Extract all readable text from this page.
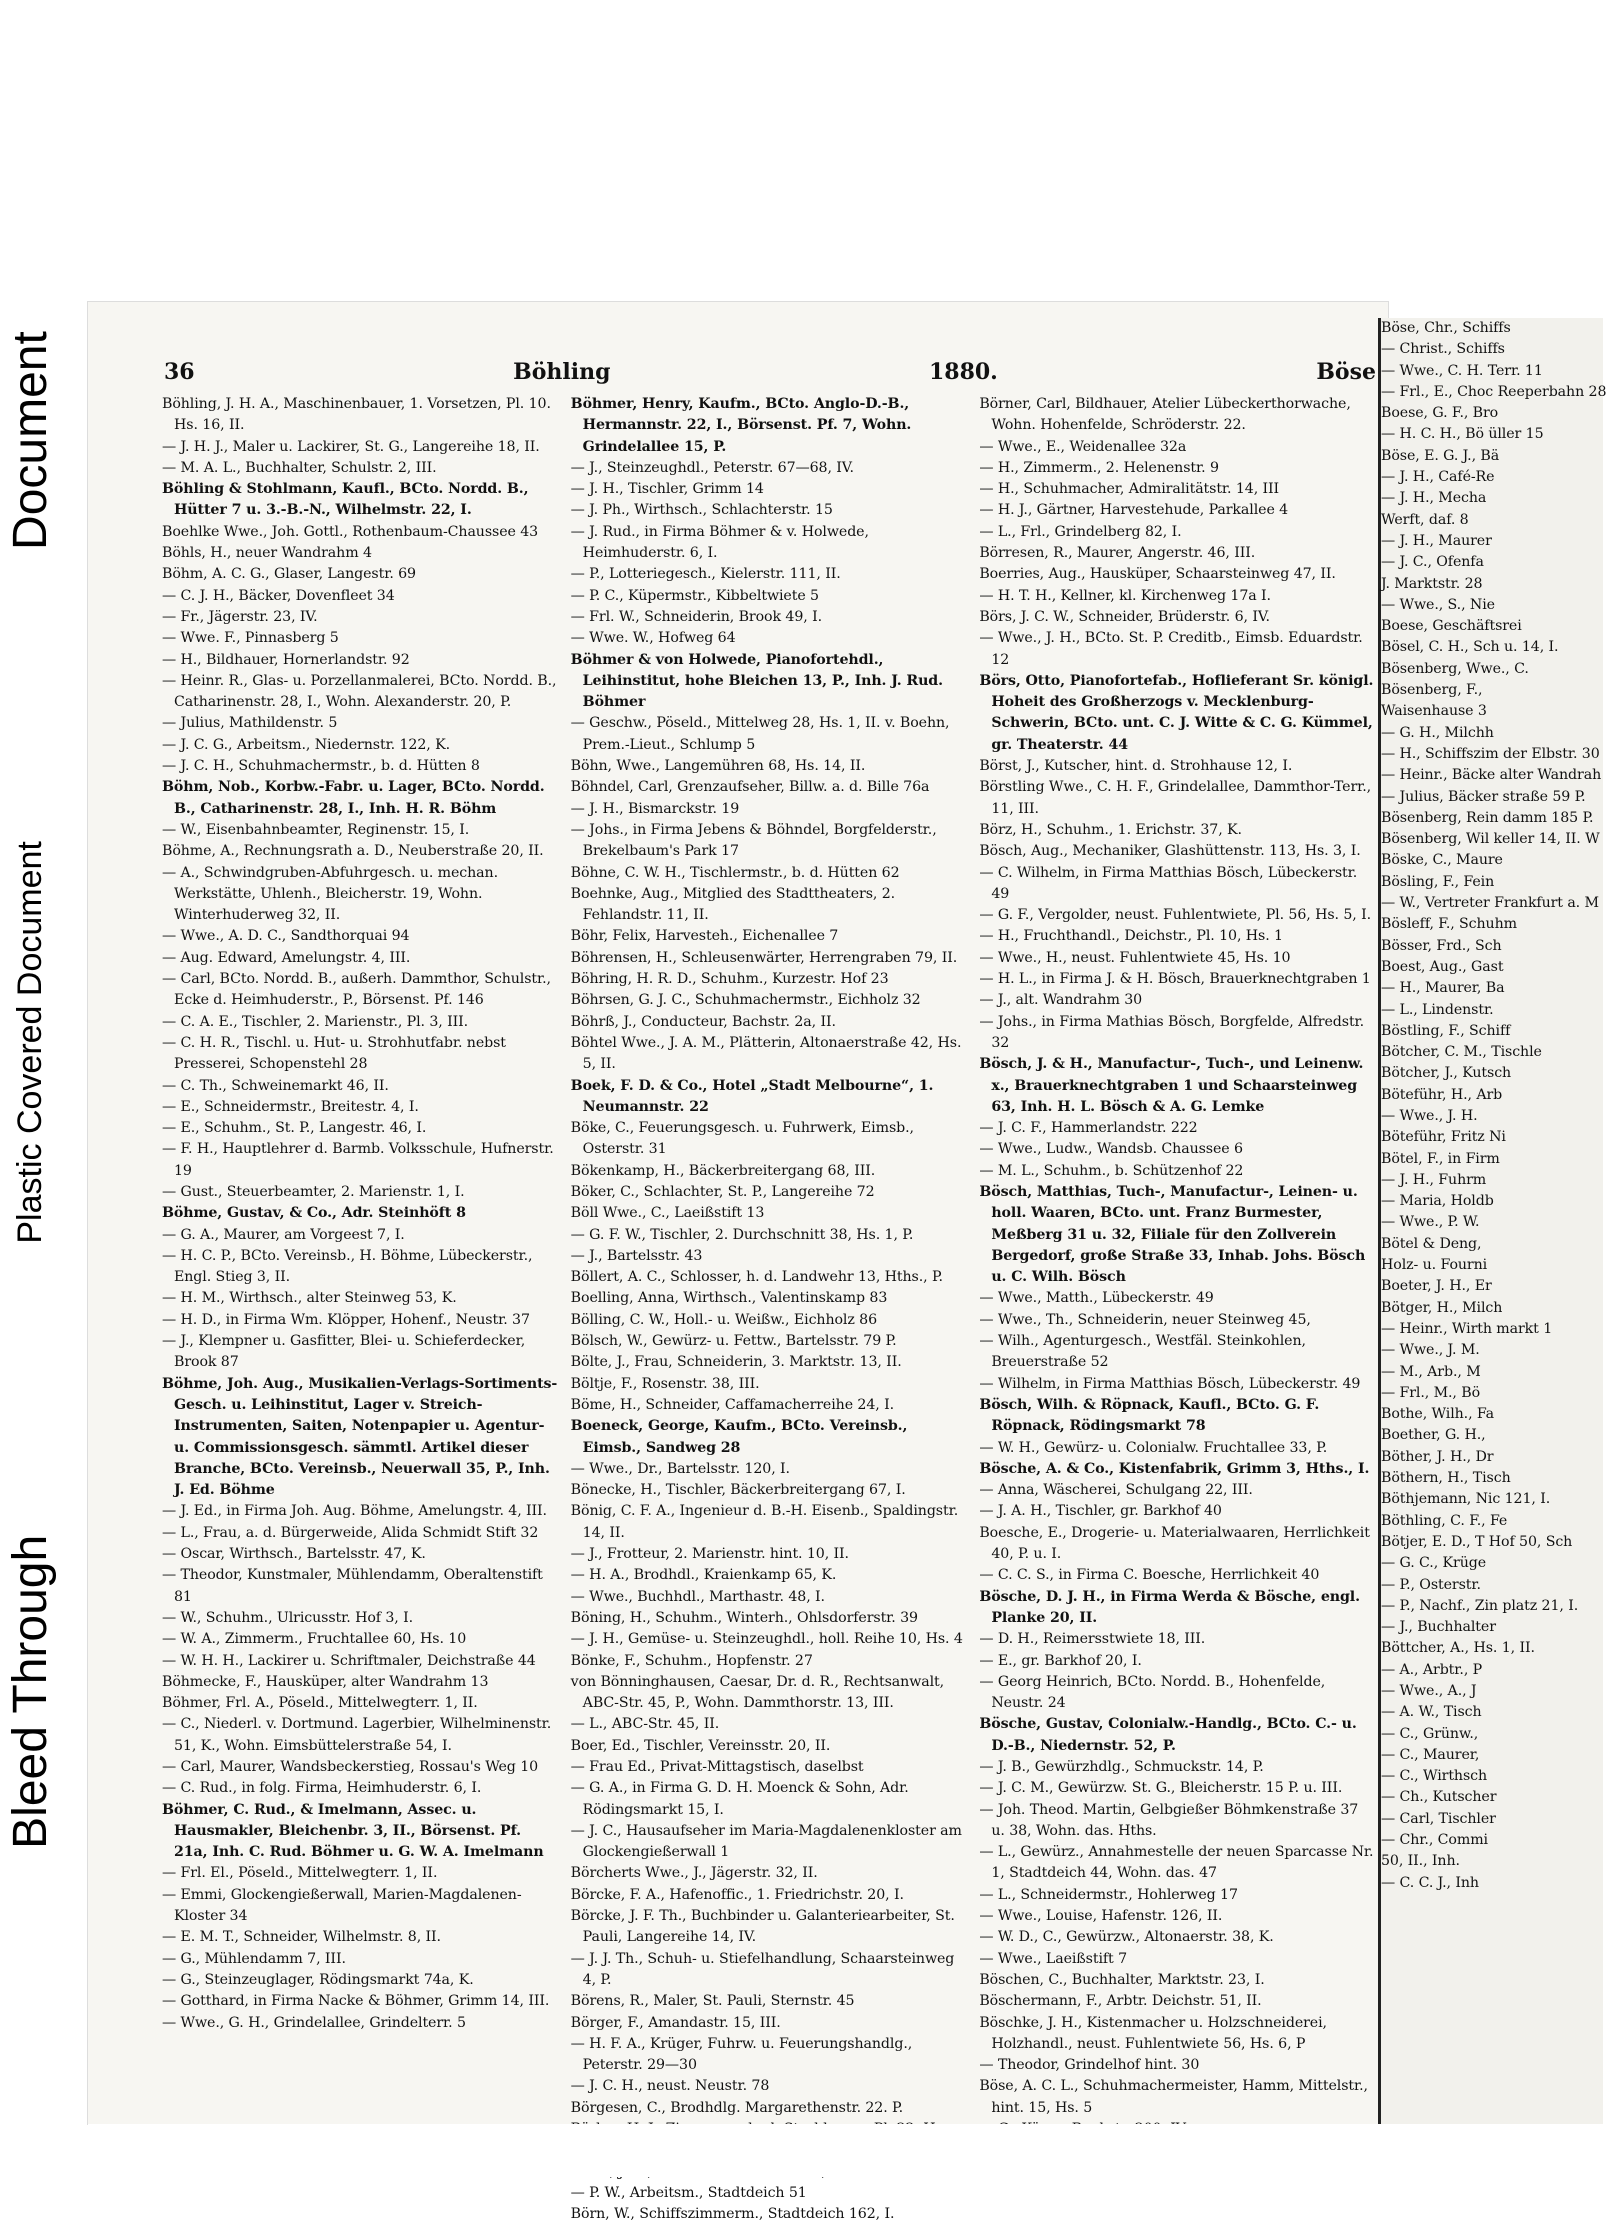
Bleed Through
Plastic Covered Document
Document	36	Böhling	1880.	Böse

Böhling, J. H. A., Maschinenbauer, 1. Vorsetzen, Pl. 10. Hs. 16, II.

— J. H. J., Maler u. Lackirer, St. G., Langereihe 18, II.

— M. A. L., Buchhalter, Schulstr. 2, III.

Böhling & Stohlmann, Kaufl., BCto. Nordd. B., Hütter 7 u. 3.-B.-N., Wilhelmstr. 22, I.

Boehlke Wwe., Joh. Gottl., Rothenbaum-Chaussee 43

Böhls, H., neuer Wandrahm 4

Böhm, A. C. G., Glaser, Langestr. 69

— C. J. H., Bäcker, Dovenfleet 34

— Fr., Jägerstr. 23, IV.

— Wwe. F., Pinnasberg 5

— H., Bildhauer, Hornerlandstr. 92

— Heinr. R., Glas- u. Porzellanmalerei, BCto. Nordd. B., Catharinenstr. 28, I., Wohn. Alexanderstr. 20, P.

— Julius, Mathildenstr. 5

— J. C. G., Arbeitsm., Niedernstr. 122, K.

— J. C. H., Schuhmachermstr., b. d. Hütten 8

Böhm, Nob., Korbw.-Fabr. u. Lager, BCto. Nordd. B., Catharinenstr. 28, I., Inh. H. R. Böhm

— W., Eisenbahnbeamter, Reginenstr. 15, I.

Böhme, A., Rechnungsrath a. D., Neuberstraße 20, II.

— A., Schwindgruben-Abfuhrgesch. u. mechan. Werkstätte, Uhlenh., Bleicherstr. 19, Wohn. Winterhuderweg 32, II.

— Wwe., A. D. C., Sandthorquai 94

— Aug. Edward, Amelungstr. 4, III.

— Carl, BCto. Nordd. B., außerh. Dammthor, Schulstr., Ecke d. Heimhuderstr., P., Börsenst. Pf. 146

— C. A. E., Tischler, 2. Marienstr., Pl. 3, III.

— C. H. R., Tischl. u. Hut- u. Strohhutfabr. nebst Presserei, Schopenstehl 28

— C. Th., Schweinemarkt 46, II.

— E., Schneidermstr., Breitestr. 4, I.

— E., Schuhm., St. P., Langestr. 46, I.

— F. H., Hauptlehrer d. Barmb. Volksschule, Hufnerstr. 19

— Gust., Steuerbeamter, 2. Marienstr. 1, I.

Böhme, Gustav, & Co., Adr. Steinhöft 8

— G. A., Maurer, am Vorgeest 7, I.

— H. C. P., BCto. Vereinsb., H. Böhme, Lübeckerstr., Engl. Stieg 3, II.

— H. M., Wirthsch., alter Steinweg 53, K.

— H. D., in Firma Wm. Klöpper, Hohenf., Neustr. 37

— J., Klempner u. Gasfitter, Blei- u. Schieferdecker, Brook 87

Böhme, Joh. Aug., Musikalien-Verlags-Sortiments-Gesch. u. Leihinstitut, Lager v. Streich-Instrumenten, Saiten, Notenpapier u. Agentur- u. Commissionsgesch. sämmtl. Artikel dieser Branche, BCto. Vereinsb., Neuerwall 35, P., Inh. J. Ed. Böhme

— J. Ed., in Firma Joh. Aug. Böhme, Amelungstr. 4, III.

— L., Frau, a. d. Bürgerweide, Alida Schmidt Stift 32

— Oscar, Wirthsch., Bartelsstr. 47, K.

— Theodor, Kunstmaler, Mühlendamm, Oberaltenstift 81

— W., Schuhm., Ulricusstr. Hof 3, I.

— W. A., Zimmerm., Fruchtallee 60, Hs. 10

— W. H. H., Lackirer u. Schriftmaler, Deichstraße 44

Böhmecke, F., Hausküper, alter Wandrahm 13

Böhmer, Frl. A., Pöseld., Mittelwegterr. 1, II.

— C., Niederl. v. Dortmund. Lagerbier, Wilhelminenstr. 51, K., Wohn. Eimsbüttelerstraße 54, I.

— Carl, Maurer, Wandsbeckerstieg, Rossau's Weg 10

— C. Rud., in folg. Firma, Heimhuderstr. 6, I.

Böhmer, C. Rud., & Imelmann, Assec. u. Hausmakler, Bleichenbr. 3, II., Börsenst. Pf. 21a, Inh. C. Rud. Böhmer u. G. W. A. Imelmann

— Frl. El., Pöseld., Mittelwegterr. 1, II.

— Emmi, Glockengießerwall, Marien-Magdalenen-Kloster 34

— E. M. T., Schneider, Wilhelmstr. 8, II.

— G., Mühlendamm 7, III.

— G., Steinzeuglager, Rödingsmarkt 74a, K.

— Gotthard, in Firma Nacke & Böhmer, Grimm 14, III.

— Wwe., G. H., Grindelallee, Grindelterr. 5

Böhmer, Henry, Kaufm., BCto. Anglo-D.-B., Hermannstr. 22, I., Börsenst. Pf. 7, Wohn. Grindelallee 15, P.

— J., Steinzeughdl., Peterstr. 67—68, IV.

— J. H., Tischler, Grimm 14

— J. Ph., Wirthsch., Schlachterstr. 15

— J. Rud., in Firma Böhmer & v. Holwede, Heimhuderstr. 6, I.

— P., Lotteriegesch., Kielerstr. 111, II.

— P. C., Küpermstr., Kibbeltwiete 5

— Frl. W., Schneiderin, Brook 49, I.

— Wwe. W., Hofweg 64

Böhmer & von Holwede, Pianofortehdl., Leihinstitut, hohe Bleichen 13, P., Inh. J. Rud. Böhmer

— Geschw., Pöseld., Mittelweg 28, Hs. 1, II. v. Boehn, Prem.-Lieut., Schlump 5

Böhn, Wwe., Langemühren 68, Hs. 14, II.

Böhndel, Carl, Grenzaufseher, Billw. a. d. Bille 76a

— J. H., Bismarckstr. 19

— Johs., in Firma Jebens & Böhndel, Borgfelderstr., Brekelbaum's Park 17

Böhne, C. W. H., Tischlermstr., b. d. Hütten 62

Boehnke, Aug., Mitglied des Stadttheaters, 2. Fehlandstr. 11, II.

Böhr, Felix, Harvesteh., Eichenallee 7

Böhrensen, H., Schleusenwärter, Herrengraben 79, II.

Böhring, H. R. D., Schuhm., Kurzestr. Hof 23

Böhrsen, G. J. C., Schuhmachermstr., Eichholz 32

Böhrß, J., Conducteur, Bachstr. 2a, II.

Böhtel Wwe., J. A. M., Plätterin, Altonaerstraße 42, Hs. 5, II.

Boek, F. D. & Co., Hotel „Stadt Melbourne“, 1. Neumannstr. 22

Böke, C., Feuerungsgesch. u. Fuhrwerk, Eimsb., Osterstr. 31

Bökenkamp, H., Bäckerbreitergang 68, III.

Böker, C., Schlachter, St. P., Langereihe 72

Böll Wwe., C., Laeißstift 13

— G. F. W., Tischler, 2. Durchschnitt 38, Hs. 1, P.

— J., Bartelsstr. 43

Böllert, A. C., Schlosser, h. d. Landwehr 13, Hths., P.

Boelling, Anna, Wirthsch., Valentinskamp 83

Bölling, C. W., Holl.- u. Weißw., Eichholz 86

Bölsch, W., Gewürz- u. Fettw., Bartelsstr. 79 P.

Bölte, J., Frau, Schneiderin, 3. Marktstr. 13, II.

Böltje, F., Rosenstr. 38, III.

Böme, H., Schneider, Caffamacherreihe 24, I.

Boeneck, George, Kaufm., BCto. Vereinsb., Eimsb., Sandweg 28

— Wwe., Dr., Bartelsstr. 120, I.

Bönecke, H., Tischler, Bäckerbreitergang 67, I.

Bönig, C. F. A., Ingenieur d. B.-H. Eisenb., Spaldingstr. 14, II.

— J., Frotteur, 2. Marienstr. hint. 10, II.

— H. A., Brodhdl., Kraienkamp 65, K.

— Wwe., Buchhdl., Marthastr. 48, I.

Böning, H., Schuhm., Winterh., Ohlsdorferstr. 39

— J. H., Gemüse- u. Steinzeughdl., holl. Reihe 10, Hs. 4

Bönke, F., Schuhm., Hopfenstr. 27

von Bönninghausen, Caesar, Dr. d. R., Rechtsanwalt, ABC-Str. 45, P., Wohn. Dammthorstr. 13, III.

— L., ABC-Str. 45, II.

Boer, Ed., Tischler, Vereinsstr. 20, II.

— Frau Ed., Privat-Mittagstisch, daselbst

— G. A., in Firma G. D. H. Moenck & Sohn, Adr. Rödingsmarkt 15, I.

— J. C., Hausaufseher im Maria-Magdalenenkloster am Glockengießerwall 1

Börcherts Wwe., J., Jägerstr. 32, II.

Börcke, F. A., Hafenoffic., 1. Friedrichstr. 20, I.

Börcke, J. F. Th., Buchbinder u. Galanteriearbeiter, St. Pauli, Langereihe 14, IV.

— J. J. Th., Schuh- u. Stiefelhandlung, Schaarsteinweg 4, P.

Börens, R., Maler, St. Pauli, Sternstr. 45

Börger, F., Amandastr. 15, III.

— H. F. A., Krüger, Fuhrw. u. Feuerungshandlg., Peterstr. 29—30

— J. C. H., neust. Neustr. 78

Börgesen, C., Brodhdlg. Margarethenstr. 22. P.

— P. W., Arbeitsm., Stadtdeich 51

Börn, W., Schiffszimmerm., Stadtdeich 162, I.

Börner, Carl, Bildhauer, Atelier Lübeckerthorwache, Wohn. Hohenfelde, Schröderstr. 22.

— Wwe., E., Weidenallee 32a

— H., Zimmerm., 2. Helenenstr. 9

— H., Schuhmacher, Admiralitätstr. 14, III

— H. J., Gärtner, Harvestehude, Parkallee 4

— L., Frl., Grindelberg 82, I.

Börresen, R., Maurer, Angerstr. 46, III.

Boerries, Aug., Hausküper, Schaarsteinweg 47, II.

— H. T. H., Kellner, kl. Kirchenweg 17a I.

Börs, J. C. W., Schneider, Brüderstr. 6, IV.

— Wwe., J. H., BCto. St. P. Creditb., Eimsb. Eduardstr. 12

Börs, Otto, Pianofortefab., Hoflieferant Sr. königl. Hoheit des Großherzogs v. Mecklenburg-Schwerin, BCto. unt. C. J. Witte & C. G. Kümmel, gr. Theaterstr. 44

Börst, J., Kutscher, hint. d. Strohhause 12, I.

Börstling Wwe., C. H. F., Grindelallee, Dammthor-Terr., 11, III.

Börz, H., Schuhm., 1. Erichstr. 37, K.

Bösch, Aug., Mechaniker, Glashüttenstr. 113, Hs. 3, I.

— C. Wilhelm, in Firma Matthias Bösch, Lübeckerstr. 49

— G. F., Vergolder, neust. Fuhlentwiete, Pl. 56, Hs. 5, I.

— H., Fruchthandl., Deichstr., Pl. 10, Hs. 1

— Wwe., H., neust. Fuhlentwiete 45, Hs. 10

— H. L., in Firma J. & H. Bösch, Brauerknechtgraben 1

— J., alt. Wandrahm 30

— Johs., in Firma Mathias Bösch, Borgfelde, Alfredstr. 32

Bösch, J. & H., Manufactur-, Tuch-, und Leinenw. x., Brauerknechtgraben 1 und Schaarsteinweg 63, Inh. H. L. Bösch & A. G. Lemke

— J. C. F., Hammerlandstr. 222

— Wwe., Ludw., Wandsb. Chaussee 6

— M. L., Schuhm., b. Schützenhof 22

Bösch, Matthias, Tuch-, Manufactur-, Leinen- u. holl. Waaren, BCto. unt. Franz Burmester, Meßberg 31 u. 32, Filiale für den Zollverein Bergedorf, große Straße 33, Inhab. Johs. Bösch u. C. Wilh. Bösch

— Wwe., Matth., Lübeckerstr. 49

— Wwe., Th., Schneiderin, neuer Steinweg 45,

— Wilh., Agenturgesch., Westfäl. Steinkohlen, Breuerstraße 52

— Wilhelm, in Firma Matthias Bösch, Lübeckerstr. 49

Bösch, Wilh. & Röpnack, Kaufl., BCto. G. F. Röpnack, Rödingsmarkt 78

— W. H., Gewürz- u. Colonialw. Fruchtallee 33, P.

Bösche, A. & Co., Kistenfabrik, Grimm 3, Hths., I.

— Anna, Wäscherei, Schulgang 22, III.

— J. A. H., Tischler, gr. Barkhof 40

Boesche, E., Drogerie- u. Materialwaaren, Herrlichkeit 40, P. u. I.

— C. C. S., in Firma C. Boesche, Herrlichkeit 40

Bösche, D. J. H., in Firma Werda & Bösche, engl. Planke 20, II.

— D. H., Reimersstwiete 18, III.

— E., gr. Barkhof 20, I.

— Georg Heinrich, BCto. Nordd. B., Hohenfelde, Neustr. 24

Bösche, Gustav, Colonialw.-Handlg., BCto. C.- u. D.-B., Niedernstr. 52, P.

— J. B., Gewürzhdlg., Schmuckstr. 14, P.

— J. C. M., Gewürzw. St. G., Bleicherstr. 15 P. u. III.

— Joh. Theod. Martin, Gelbgießer Böhmkenstraße 37 u. 38, Wohn. das. Hths.

— L., Gewürz., Annahmestelle der neuen Sparcasse Nr. 1, Stadtdeich 44, Wohn. das. 47

— L., Schneidermstr., Hohlerweg 17

— Wwe., Louise, Hafenstr. 126, II.

— W. D., C., Gewürzw., Altonaerstr. 38, K.

— Wwe., Laeißstift 7

Böschen, C., Buchhalter, Marktstr. 23, I.

Böschermann, F., Arbtr. Deichstr. 51, II.

Böschke, J. H., Kistenmacher u. Holzschneiderei, Holzhandl., neust. Fuhlentwiete 56, Hs. 6, P

— Theodor, Grindelhof hint. 30

Böse, A. C. L., Schuhmachermeister, Hamm, Mittelstr., hint. 15, Hs. 5

Böse, Chr., Schiffs

— Christ., Schiffs

— Wwe., C. H. Terr. 11

— Frl., E., Choc Reeperbahn 28

Boese, G. F., Bro

— H. C. H., Bö üller 15

Böse, E. G. J., Bä

— J. H., Café-Re

— J. H., Mecha

Werft, daf. 8

— J. H., Maurer

— J. C., Ofenfa

J. Marktstr. 28

— Wwe., S., Nie

Boese, Geschäftsrei

Bösel, C. H., Sch u. 14, I.

Bösenberg, Wwe., C.

Bösenberg, F.,

Waisenhause 3

— G. H., Milchh

— H., Schiffszim der Elbstr. 30

— Heinr., Bäcke alter Wandrah

— Julius, Bäcker straße 59 P.

Bösenberg, Rein damm 185 P.

Bösenberg, Wil keller 14, II. W

Böske, C., Maure

Bösling, F., Fein

— W., Vertreter Frankfurt a. M

Bösleff, F., Schuhm

Bösser, Frd., Sch

Boest, Aug., Gast

— H., Maurer, Ba

— L., Lindenstr.

Böstling, F., Schiff

Bötcher, C. M., Tischle

Bötcher, J., Kutsch

Böteführ, H., Arb

— Wwe., J. H.

Böteführ, Fritz Ni

Bötel, F., in Firm

— J. H., Fuhrm

— Maria, Holdb

— Wwe., P. W.

Bötel & Deng,

Holz- u. Fourni

Boeter, J. H., Er

Bötger, H., Milch

— Heinr., Wirth markt 1

— Wwe., J. M.

— M., Arb., M

— Frl., M., Bö

Bothe, Wilh., Fa

Boether, G. H.,

Böther, J. H., Dr

Böthern, H., Tisch

Böthjemann, Nic 121, I.

Böthling, C. F., Fe

Bötjer, E. D., T Hof 50, Sch

— G. C., Krüge

— P., Osterstr.

— P., Nachf., Zin platz 21, I.

— J., Buchhalter

Böttcher, A., Hs. 1, II.

— A., Arbtr., P

— Wwe., A., J

— A. W., Tisch

— C., Grünw.,

— C., Maurer,

— C., Wirthsch

— Ch., Kutscher

— Carl, Tischler

— Chr., Commi

50, II., Inh.

— C. C. J., Inh
